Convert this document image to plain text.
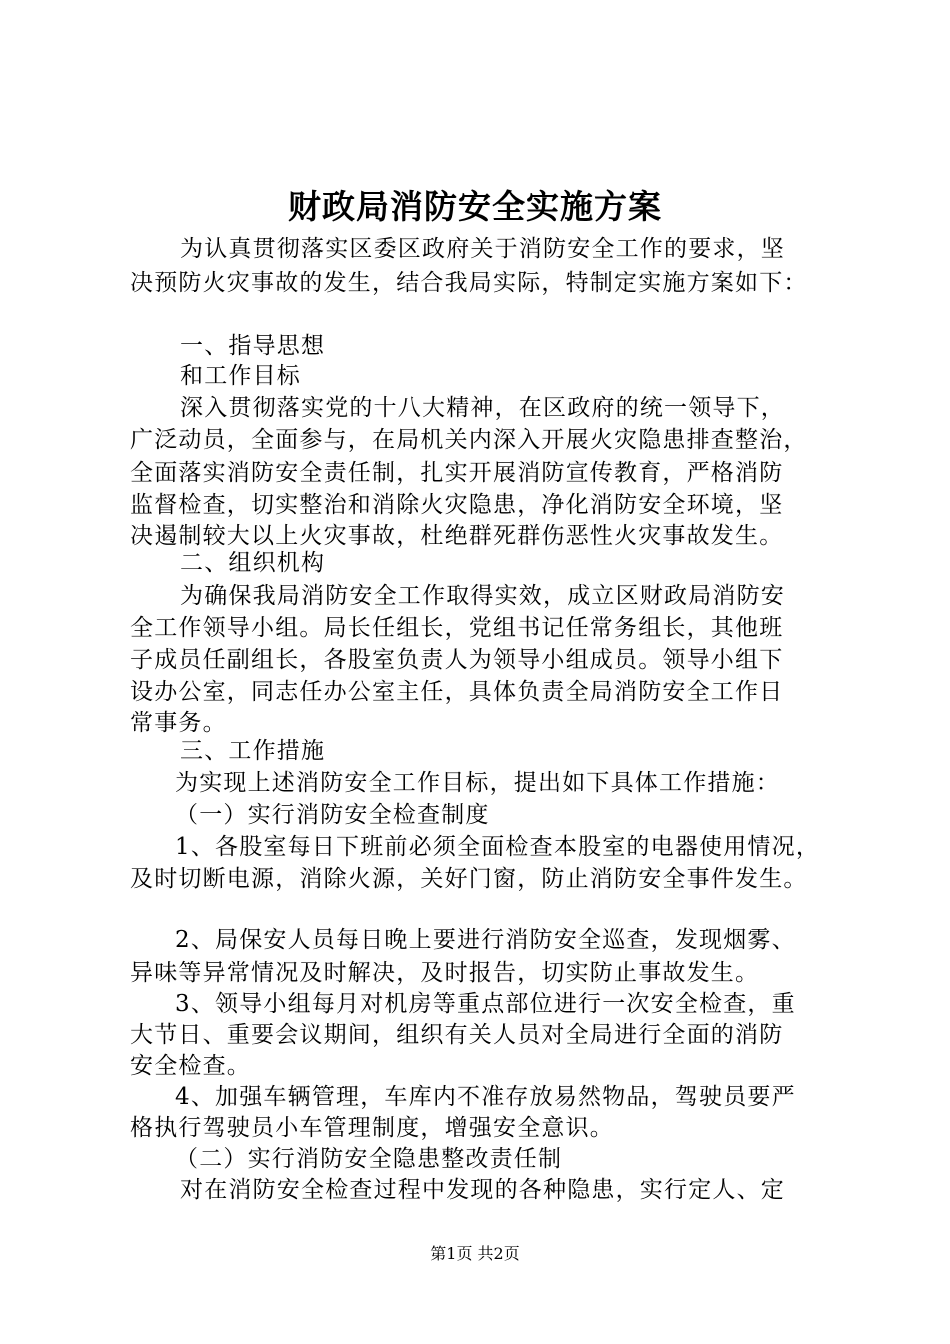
财政局消防安全实施方案
为认真贯彻落实区委区政府关于消防安全工作的要求，坚
决预防火灾事故的发生，结合我局实际，特制定实施方案如下：
一、指导思想
和工作目标
深入贯彻落实党的十八大精神，在区政府的统一领导下，
广泛动员，全面参与，在局机关内深入开展火灾隐患排查整治，
全面落实消防安全责任制，扎实开展消防宣传教育，严格消防
监督检查，切实整治和消除火灾隐患，净化消防安全环境，坚
决遏制较大以上火灾事故，杜绝群死群伤恶性火灾事故发生。
二、组织机构
为确保我局消防安全工作取得实效，成立区财政局消防安
全工作领导小组。局长任组长，党组书记任常务组长，其他班
子成员任副组长，各股室负责人为领导小组成员。领导小组下
设办公室，同志任办公室主任，具体负责全局消防安全工作日
常事务。
三、工作措施
为实现上述消防安全工作目标，提出如下具体工作措施：
（一）实行消防安全检查制度
1、各股室每日下班前必须全面检查本股室的电器使用情况，
及时切断电源，消除火源，关好门窗，防止消防安全事件发生。
2、局保安人员每日晚上要进行消防安全巡查，发现烟雾、
异味等异常情况及时解决，及时报告，切实防止事故发生。
3、领导小组每月对机房等重点部位进行一次安全检查，重
大节日、重要会议期间，组织有关人员对全局进行全面的消防
安全检查。
4、加强车辆管理，车库内不准存放易然物品，驾驶员要严
格执行驾驶员小车管理制度，增强安全意识。
（二）实行消防安全隐患整改责任制
对在消防安全检查过程中发现的各种隐患，实行定人、定
第1页 共2页
